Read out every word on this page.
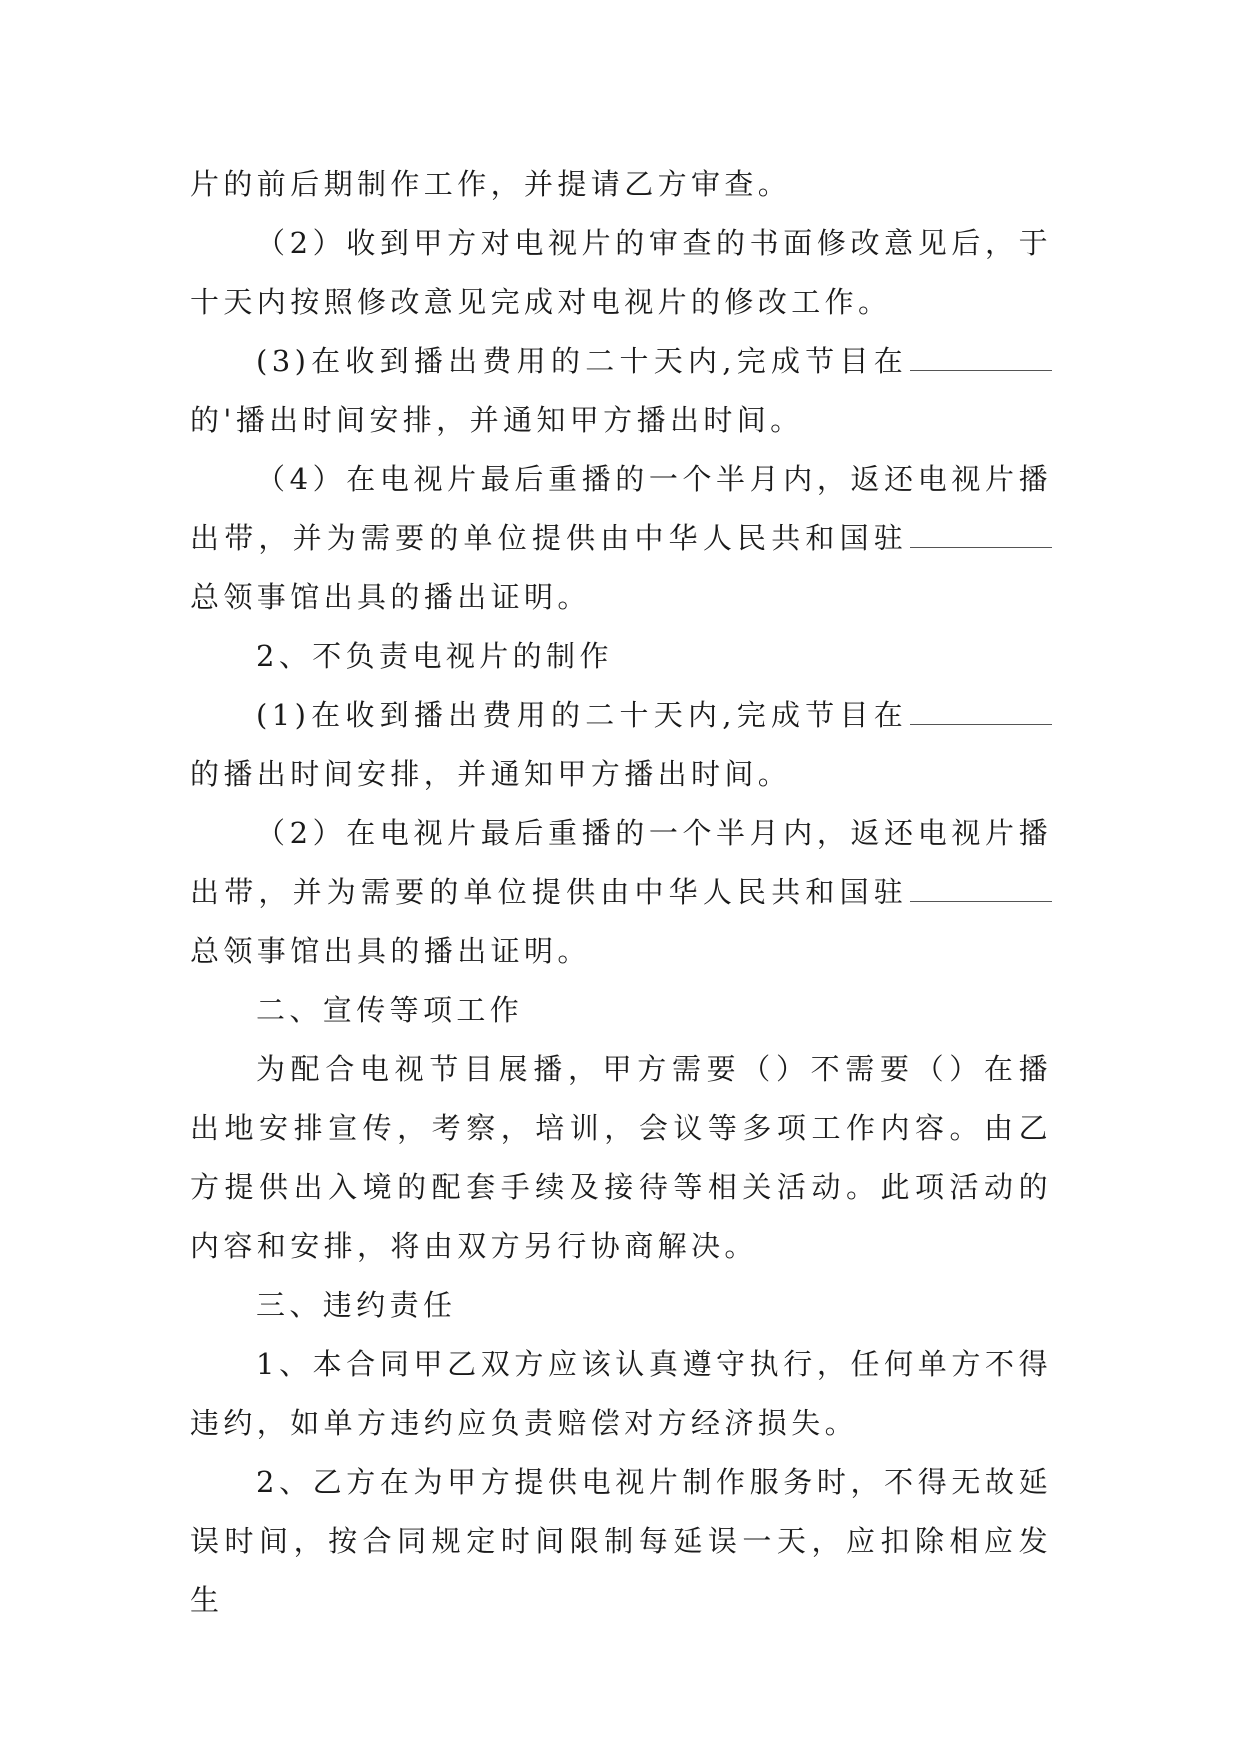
片的前后期制作工作，并提请乙方审查。

（2）收到甲方对电视片的审查的书面修改意见后，于十天内按照修改意见完成对电视片的修改工作。

(3)在收到播出费用的二十天内,完成节目在的'播出时间安排，并通知甲方播出时间。

（4）在电视片最后重播的一个半月内，返还电视片播出带，并为需要的单位提供由中华人民共和国驻总领事馆出具的播出证明。

2、不负责电视片的制作

(1)在收到播出费用的二十天内,完成节目在的播出时间安排，并通知甲方播出时间。

（2）在电视片最后重播的一个半月内，返还电视片播出带，并为需要的单位提供由中华人民共和国驻总领事馆出具的播出证明。

二、宣传等项工作

为配合电视节目展播，甲方需要（）不需要（）在播出地安排宣传，考察，培训，会议等多项工作内容。由乙方提供出入境的配套手续及接待等相关活动。此项活动的内容和安排，将由双方另行协商解决。

三、违约责任

1、本合同甲乙双方应该认真遵守执行，任何单方不得违约，如单方违约应负责赔偿对方经济损失。

2、乙方在为甲方提供电视片制作服务时，不得无故延误时间，按合同规定时间限制每延误一天，应扣除相应发生
